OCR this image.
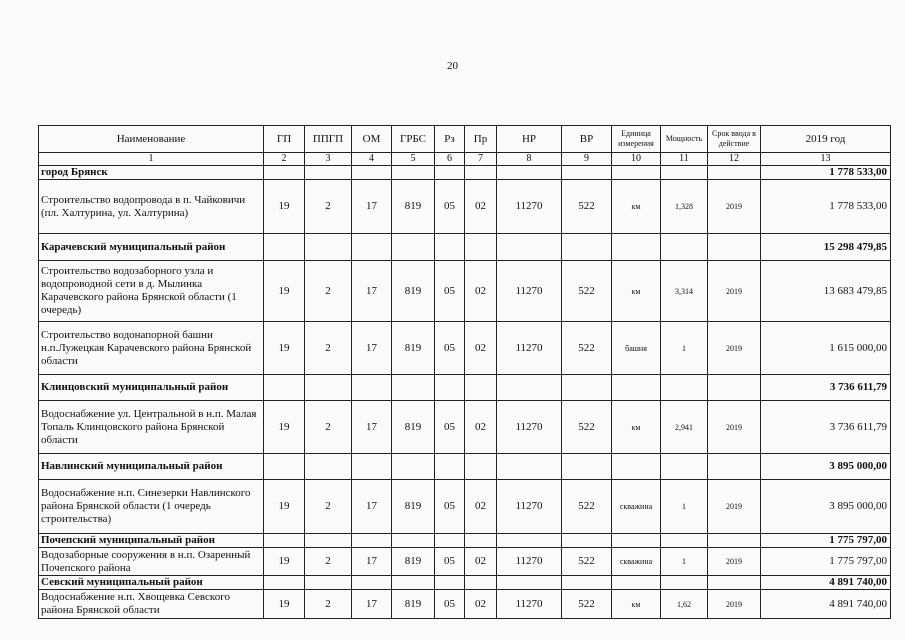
20
Наименование	ГП	ППГП	ОМ	ГРБС	Рз	Пр	НР	ВР	Единица измерения	Мощность	Срок ввода в действие	2019 год
1	2	3	4	5	6	7	8	9	10	11	12	13
город Брянск												1 778 533,00
Строительство водопровода в п. Чайковичи (пл. Халтурина, ул. Халтурина)	19	2	17	819	05	02	11270	522	км	1,328	2019	1 778 533,00
Карачевский муниципальный район												15 298 479,85
Строительство водозаборного узла и водопроводной сети в д. Мылинка Карачевского района Брянской области (1 очередь)	19	2	17	819	05	02	11270	522	км	3,314	2019	13 683 479,85
Строительство водонапорной башни н.п.Лужецкая Карачевского района Брянской области	19	2	17	819	05	02	11270	522	башня	1	2019	1 615 000,00
Клинцовский муниципальный район												3 736 611,79
Водоснабжение ул. Центральной в н.п. Малая Топаль Клинцовского района Брянской области	19	2	17	819	05	02	11270	522	км	2,941	2019	3 736 611,79
Навлинский муниципальный район												3 895 000,00
Водоснабжение н.п. Синезерки Навлинского района Брянской области (1 очередь строительства)	19	2	17	819	05	02	11270	522	скважина	1	2019	3 895 000,00
Почепский муниципальный район												1 775 797,00
Водозаборные сооружения в н.п. Озаренный Почепского района	19	2	17	819	05	02	11270	522	скважина	1	2019	1 775 797,00
Севский муниципальный район												4 891 740,00
Водоснабжение н.п. Хвощевка Севского района Брянской области	19	2	17	819	05	02	11270	522	км	1,62	2019	4 891 740,00
